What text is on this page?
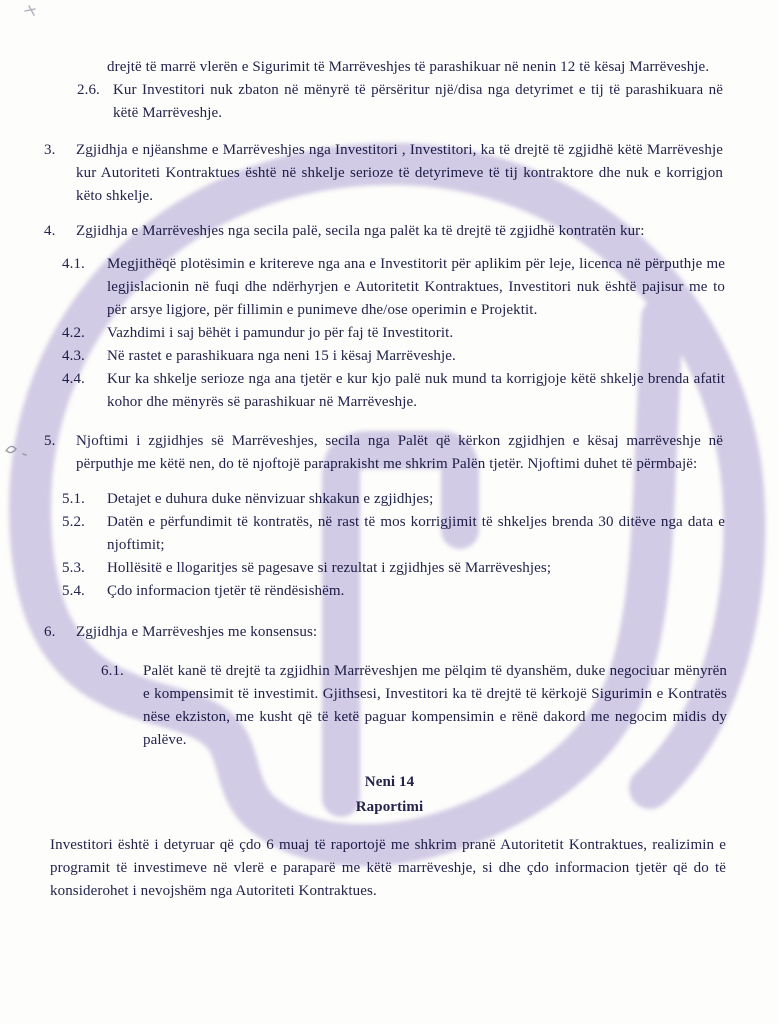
drejtë të marrë vlerën e Sigurimit të Marrëveshjes të parashikuar në nenin 12 të kësaj Marrëveshje.
2.6. Kur Investitori nuk zbaton në mënyrë të përsëritur një/disa nga detyrimet e tij të parashikuara në këtë Marrëveshje.
3. Zgjidhja e njëanshme e Marrëveshjes nga Investitori , Investitori, ka të drejtë të zgjidhë këtë Marrëveshje kur Autoriteti Kontraktues është në shkelje serioze të detyrimeve të tij kontraktore dhe nuk e korrigjon këto shkelje.
4. Zgjidhja e Marrëveshjes nga secila palë, secila nga palët ka të drejtë të zgjidhë kontratën kur:
4.1. Megjithëqë plotësimin e kritereve nga ana e Investitorit për aplikim për leje, licenca në përputhje me legjislacionin në fuqi dhe ndërhyrjen e Autoritetit Kontraktues, Investitori nuk është pajisur me to për arsye ligjore, për fillimin e punimeve dhe/ose operimin e Projektit.
4.2. Vazhdimi i saj bëhët i pamundur jo për faj të Investitorit.
4.3. Në rastet e parashikuara nga neni 15 i kësaj Marrëveshje.
4.4. Kur ka shkelje serioze nga ana tjetër e kur kjo palë nuk mund ta korrigjoje këtë shkelje brenda afatit kohor dhe mënyrës së parashikuar në Marrëveshje.
5. Njoftimi i zgjidhjes së Marrëveshjes, secila nga Palët që kërkon zgjidhjen e kësaj marrëveshje në përputhje me këtë nen, do të njoftojë paraprakisht me shkrim Palën tjetër. Njoftimi duhet të përmbajë:
5.1. Detajet e duhura duke nënvizuar shkakun e zgjidhjes;
5.2. Datën e përfundimit të kontratës, në rast të mos korrigjimit të shkeljes brenda 30 ditëve nga data e njoftimit;
5.3. Hollësitë e llogaritjes së pagesave si rezultat i zgjidhjes së Marrëveshjes;
5.4. Çdo informacion tjetër të rëndësishëm.
6. Zgjidhja e Marrëveshjes me konsensus:
6.1. Palët kanë të drejtë ta zgjidhin Marrëveshjen me pëlqim të dyanshëm, duke negociuar mënyrën e kompensimit të investimit. Gjithsesi, Investitori ka të drejtë të kërkojë Sigurimin e Kontratës nëse ekziston, me kusht që të ketë paguar kompensimin e rënë dakord me negocim midis dy palëve.
Neni 14
Raportimi
Investitori është i detyruar që çdo 6 muaj të raportojë me shkrim pranë Autoritetit Kontraktues, realizimin e programit të investimeve në vlerë e paraparë me këtë marrëveshje, si dhe çdo informacion tjetër që do të konsiderohet i nevojshëm nga Autoriteti Kontraktues.
